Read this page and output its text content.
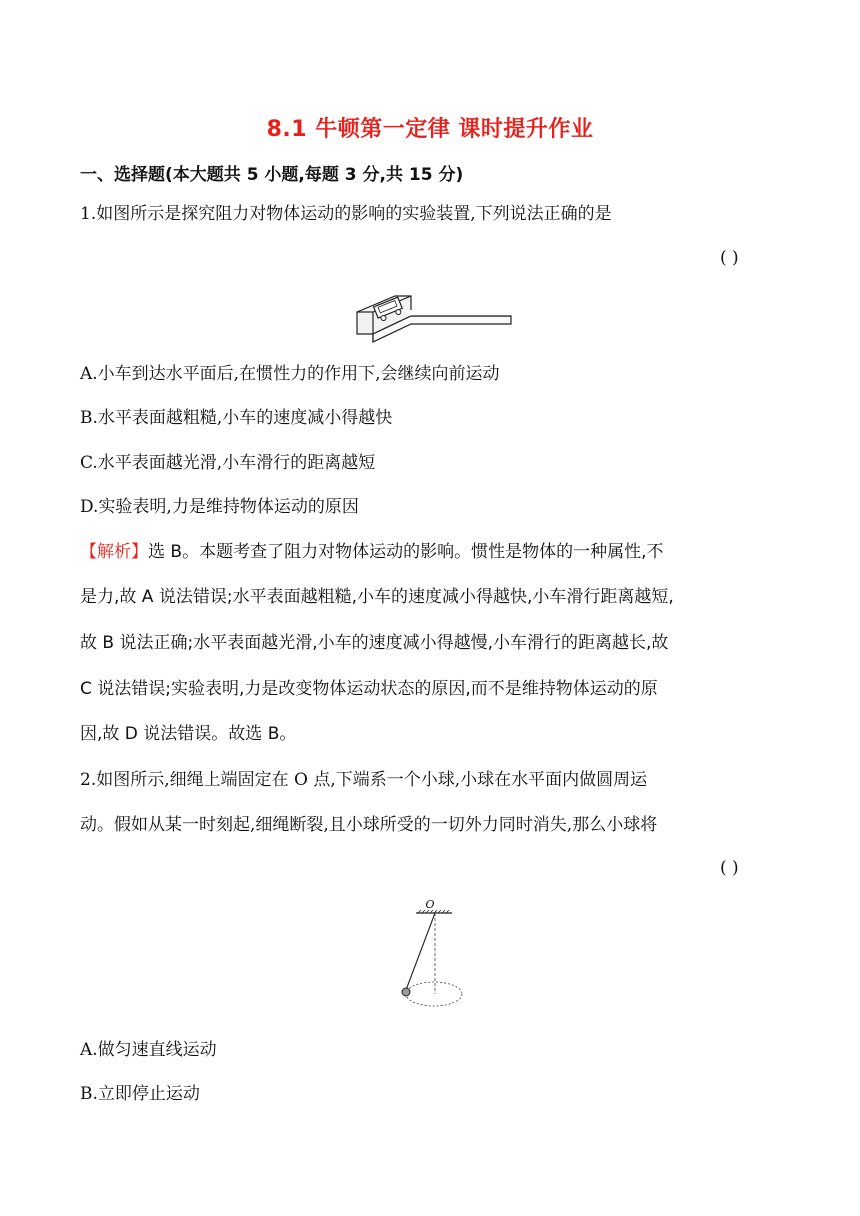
8.1 牛顿第一定律 课时提升作业
一、选择题(本大题共 5 小题,每题 3 分,共 15 分)
1.如图所示是探究阻力对物体运动的影响的实验装置,下列说法正确的是
( )
A.小车到达水平面后,在惯性力的作用下,会继续向前运动
B.水平表面越粗糙,小车的速度减小得越快
C.水平表面越光滑,小车滑行的距离越短
D.实验表明,力是维持物体运动的原因
【解析】选 B。本题考查了阻力对物体运动的影响。惯性是物体的一种属性,不
是力,故 A 说法错误;水平表面越粗糙,小车的速度减小得越快,小车滑行距离越短,
故 B 说法正确;水平表面越光滑,小车的速度减小得越慢,小车滑行的距离越长,故
C 说法错误;实验表明,力是改变物体运动状态的原因,而不是维持物体运动的原
因,故 D 说法错误。故选 B。
2.如图所示,细绳上端固定在 O 点,下端系一个小球,小球在水平面内做圆周运
动。假如从某一时刻起,细绳断裂,且小球所受的一切外力同时消失,那么小球将
( )
O
A.做匀速直线运动
B.立即停止运动
